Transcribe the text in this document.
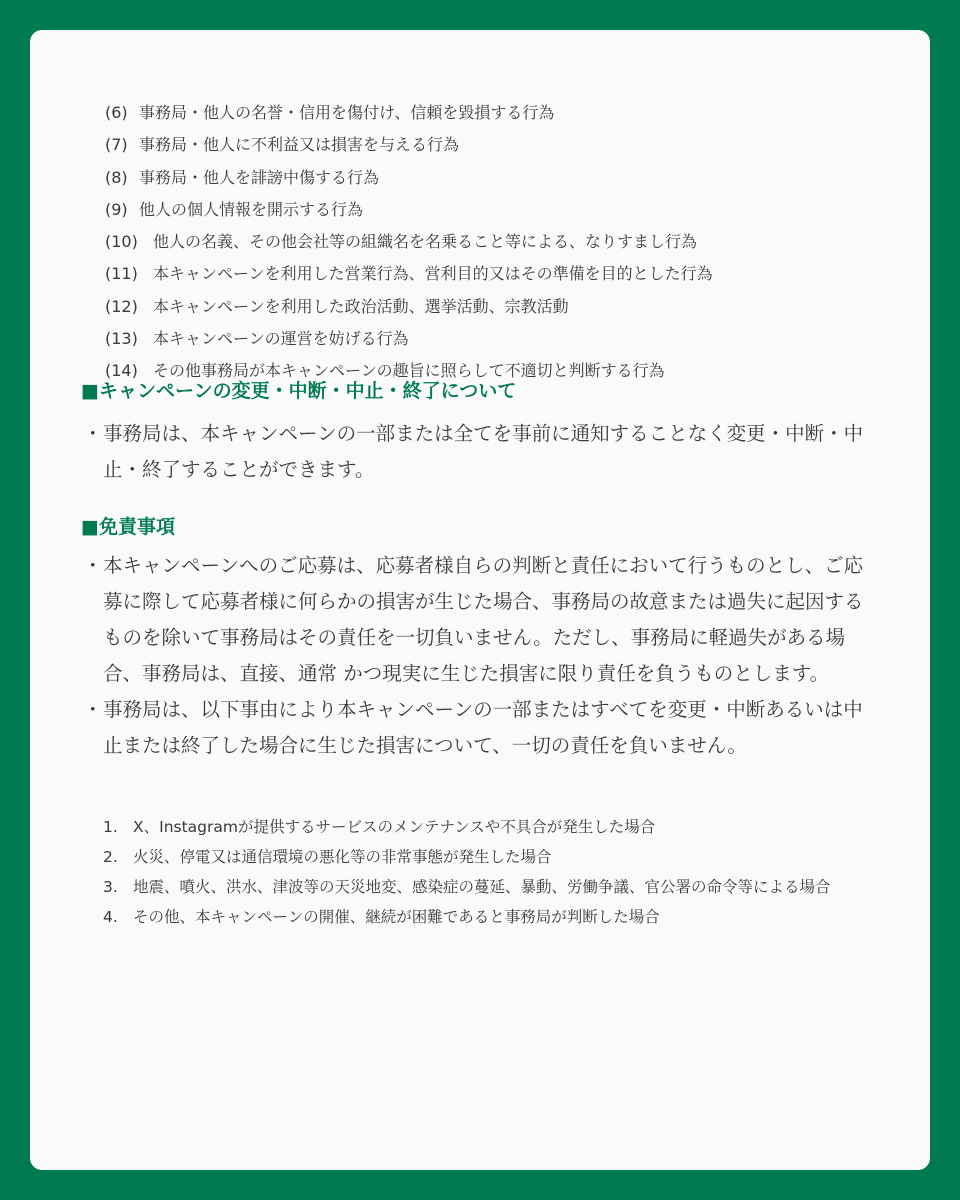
(6) 事務局・他人の名誉・信用を傷付け、信頼を毀損する行為
(7) 事務局・他人に不利益又は損害を与える行為
(8) 事務局・他人を誹謗中傷する行為
(9) 他人の個人情報を開示する行為
(10) 他人の名義、その他会社等の組織名を名乗ること等による、なりすまし行為
(11) 本キャンペーンを利用した営業行為、営利目的又はその準備を目的とした行為
(12) 本キャンペーンを利用した政治活動、選挙活動、宗教活動
(13) 本キャンペーンの運営を妨げる行為
(14) その他事務局が本キャンペーンの趣旨に照らして不適切と判断する行為
■キャンペーンの変更・中断・中止・終了について
・ 事務局は、本キャンペーンの一部または全てを事前に通知することなく変更・中断・中止・終了することができます。
■免責事項
・ 本キャンペーンへのご応募は、応募者様自らの判断と責任において行うものとし、ご応募に際して応募者様に何らかの損害が生じた場合、事務局の故意または過失に起因するものを除いて事務局はその責任を一切負いません。ただし、事務局に軽過失がある場合、事務局は、直接、通常 かつ現実に生じた損害に限り責任を負うものとします。
・ 事務局は、以下事由により本キャンペーンの一部またはすべてを変更・中断あるいは中止または終了した場合に生じた損害について、一切の責任を負いません。
1. X、Instagramが提供するサービスのメンテナンスや不具合が発生した場合
2. 火災、停電又は通信環境の悪化等の非常事態が発生した場合
3. 地震、噴火、洪水、津波等の天災地変、感染症の蔓延、暴動、労働争議、官公署の命令等による場合
4. その他、本キャンペーンの開催、継続が困難であると事務局が判断した場合
